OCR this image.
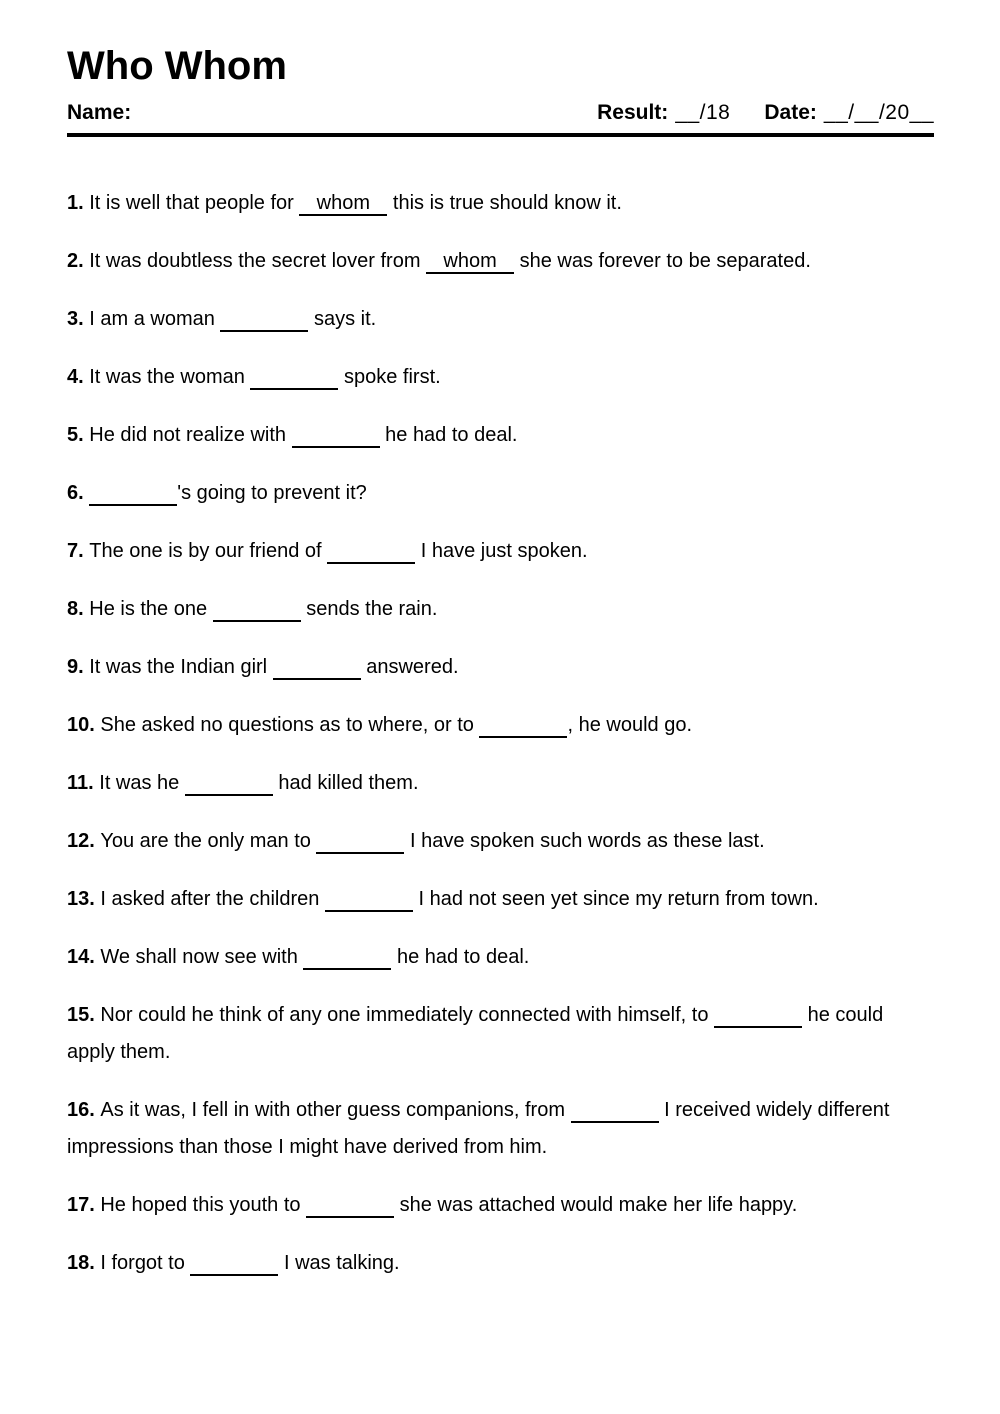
Who Whom
Name:	Result: __/18 Date: __/__/20__

1. It is well that people for whom this is true should know it.

2. It was doubtless the secret lover from whom she was forever to be separated.

3. I am a woman	says it.

4. It was the woman	spoke first.

5. He did not realize with	he had to deal.

6.	's going to prevent it?

7. The one is by our friend of	I have just spoken.

8. He is the one	sends the rain.

9. It was the Indian girl	answered.

10. She asked no questions as to where, or to	, he would go.

11. It was he	had killed them.

12. You are the only man to	I have spoken such words as these last.

13. I asked after the children	I had not seen yet since my return from town.

14. We shall now see with	he had to deal.

15. Nor could he think of any one immediately connected with himself, to	he could apply them.

16. As it was, I fell in with other guess companions, from	I received widely different impressions than those I might have derived from him.

17. He hoped this youth to	she was attached would make her life happy.

18. I forgot to	I was talking.
